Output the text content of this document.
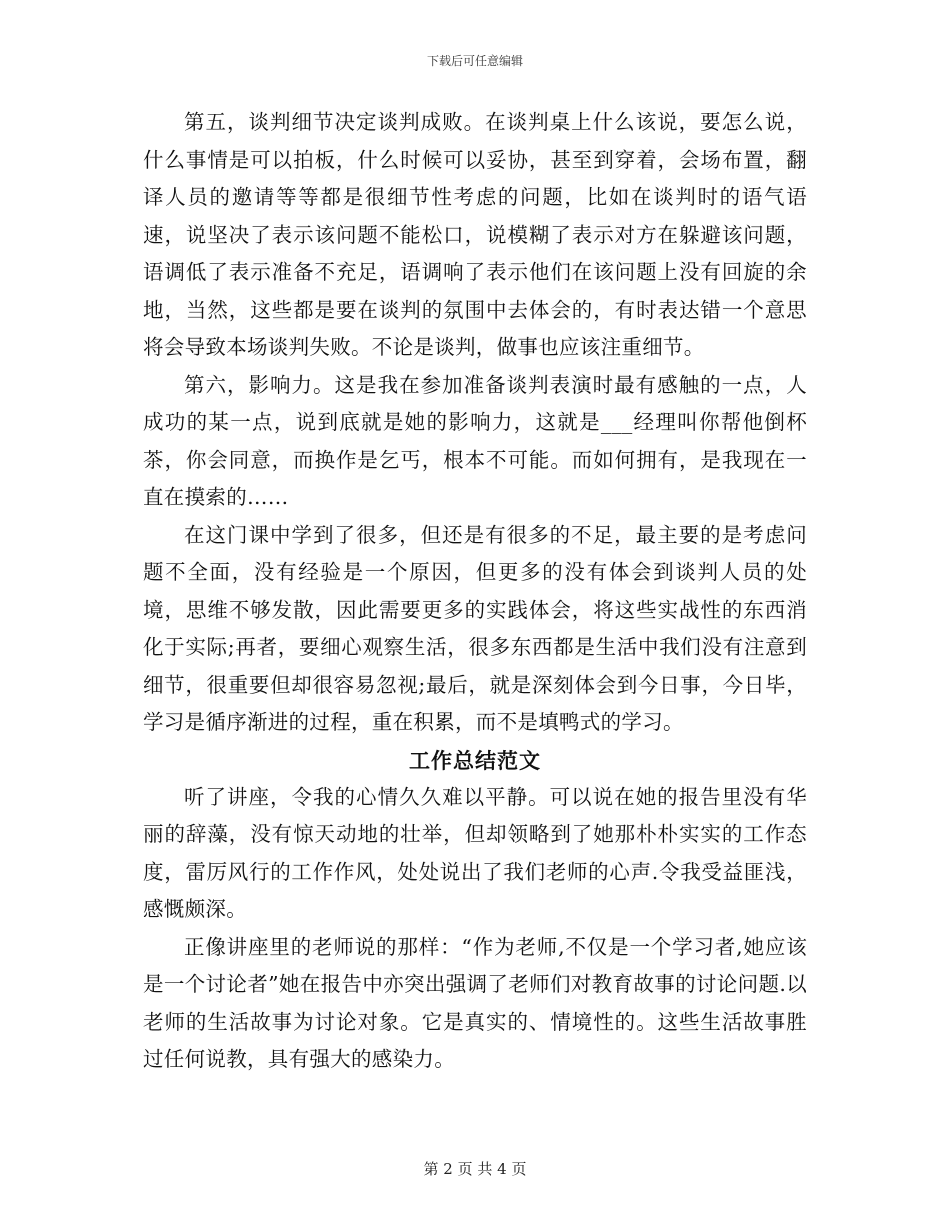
下载后可任意编辑

第五，谈判细节决定谈判成败。在谈判桌上什么该说，要怎么说，什么事情是可以拍板，什么时候可以妥协，甚至到穿着，会场布置，翻译人员的邀请等等都是很细节性考虑的问题，比如在谈判时的语气语速，说坚决了表示该问题不能松口，说模糊了表示对方在躲避该问题，语调低了表示准备不充足，语调响了表示他们在该问题上没有回旋的余地，当然，这些都是要在谈判的氛围中去体会的，有时表达错一个意思将会导致本场谈判失败。不论是谈判，做事也应该注重细节。

第六，影响力。这是我在参加准备谈判表演时最有感触的一点，人成功的某一点，说到底就是她的影响力，这就是___经理叫你帮他倒杯茶，你会同意，而换作是乞丐，根本不可能。而如何拥有，是我现在一直在摸索的……

在这门课中学到了很多，但还是有很多的不足，最主要的是考虑问题不全面，没有经验是一个原因，但更多的没有体会到谈判人员的处境，思维不够发散，因此需要更多的实践体会，将这些实战性的东西消化于实际;再者，要细心观察生活，很多东西都是生活中我们没有注意到细节，很重要但却很容易忽视;最后，就是深刻体会到今日事，今日毕，学习是循序渐进的过程，重在积累，而不是填鸭式的学习。

工作总结范文

听了讲座，令我的心情久久难以平静。可以说在她的报告里没有华丽的辞藻，没有惊天动地的壮举，但却领略到了她那朴朴实实的工作态度，雷厉风行的工作作风，处处说出了我们老师的心声.令我受益匪浅，感慨颇深。

正像讲座里的老师说的那样：“作为老师,不仅是一个学习者,她应该是一个讨论者”她在报告中亦突出强调了老师们对教育故事的讨论问题.以老师的生活故事为讨论对象。它是真实的、情境性的。这些生活故事胜过任何说教，具有强大的感染力。

第 2 页 共 4 页
